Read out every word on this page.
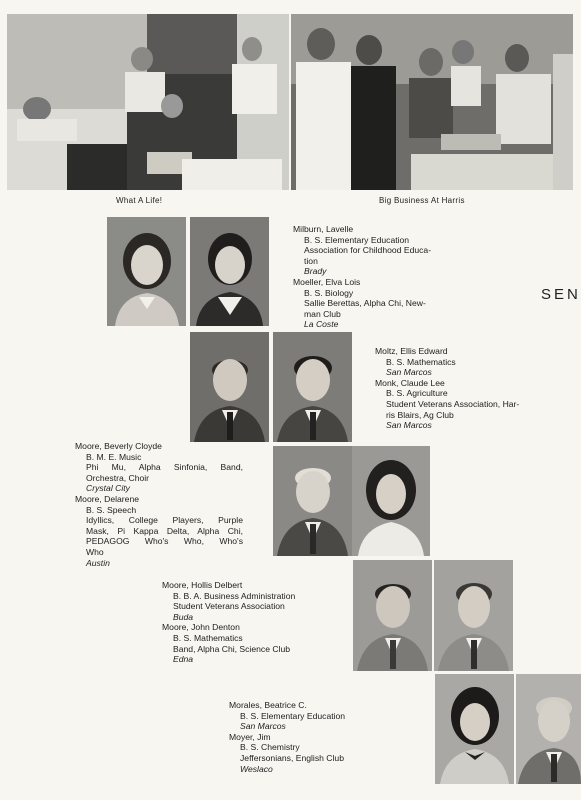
What A Life!	Big Business At Harris
SEN
Milburn, Lavelle
B. S. Elementary Education
Association for Childhood Educa-
tion
Brady
Moeller, Elva Lois
B. S. Biology
Sallie Berettas, Alpha Chi, New-
man Club
La Coste
Moltz, Ellis Edward
B. S. Mathematics
San Marcos
Monk, Claude Lee
B. S. Agriculture
Student Veterans Association, Har-
ris Blairs, Ag Club
San Marcos
Moore, Beverly Cloyde
B. M. E. Music
Phi Mu, Alpha Sinfonia, Band,
Orchestra, Choir
Crystal City
Moore, Delarene
B. S. Speech
Idyllics, College Players, Purple
Mask, Pi Kappa Delta, Alpha Chi,
PEDAGOG Who's Who, Who's
Who
Austin
Moore, Hollis Delbert
B. B. A. Business Administration
Student Veterans Association
Buda
Moore, John Denton
B. S. Mathematics
Band, Alpha Chi, Science Club
Edna
Morales, Beatrice C.
B. S. Elementary Education
San Marcos
Moyer, Jim
B. S. Chemistry
Jeffersonians, English Club
Weslaco
